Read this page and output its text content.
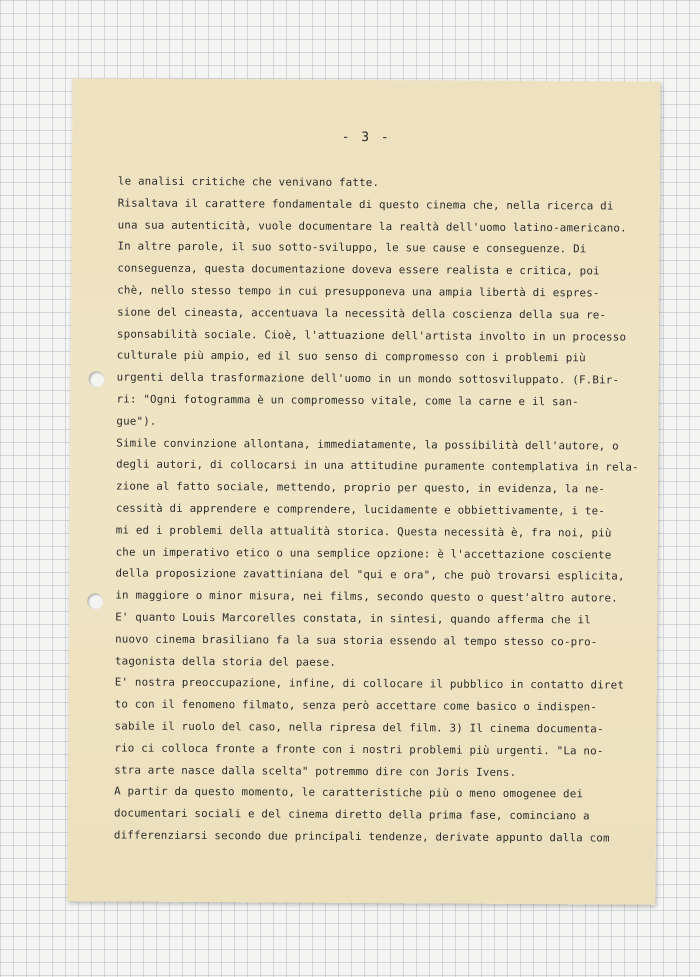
- 3 -
le analisi critiche che venivano fatte.
Risaltava il carattere fondamentale di questo cinema che, nella ricerca di
una sua autenticità, vuole documentare la realtà dell'uomo latino-americano.
In altre parole, il suo sotto-sviluppo, le sue cause e conseguenze. Di
conseguenza, questa documentazione doveva essere realista e critica, poi
chè, nello stesso tempo in cui presupponeva una ampia libertà di espres-
sione del cineasta, accentuava la necessità della coscienza della sua re-
sponsabilità sociale. Cioè, l'attuazione dell'artista involto in un processo
culturale più ampio, ed il suo senso di compromesso con i problemi più
urgenti della trasformazione dell'uomo in un mondo sottosviluppato. (F.Bir-
ri: "Ogni fotogramma è un compromesso vitale, come la carne e il san-
gue").
Simile convinzione allontana, immediatamente, la possibilità dell'autore, o
degli autori, di collocarsi in una attitudine puramente contemplativa in rela-
zione al fatto sociale, mettendo, proprio per questo, in evidenza, la ne-
cessità di apprendere e comprendere, lucidamente e obbiettivamente, i te-
mi ed i problemi della attualità storica. Questa necessità è, fra noi, più
che un imperativo etico o una semplice opzione: è l'accettazione cosciente
della proposizione zavattiniana del "qui e ora", che può trovarsi esplicita,
in maggiore o minor misura, nei films, secondo questo o quest'altro autore.
E' quanto Louis Marcorelles constata, in sintesi, quando afferma che il
nuovo cinema brasiliano fa la sua storia essendo al tempo stesso co-pro-
tagonista della storia del paese.
E' nostra preoccupazione, infine, di collocare il pubblico in contatto diret
to con il fenomeno filmato, senza però accettare come basico o indispen-
sabile il ruolo del caso, nella ripresa del film. 3) Il cinema documenta-
rio ci colloca fronte a fronte con i nostri problemi più urgenti. "La no-
stra arte nasce dalla scelta" potremmo dire con Joris Ivens.
A partir da questo momento, le caratteristiche più o meno omogenee dei
documentari sociali e del cinema diretto della prima fase, cominciano a
differenziarsi secondo due principali tendenze, derivate appunto dalla com
